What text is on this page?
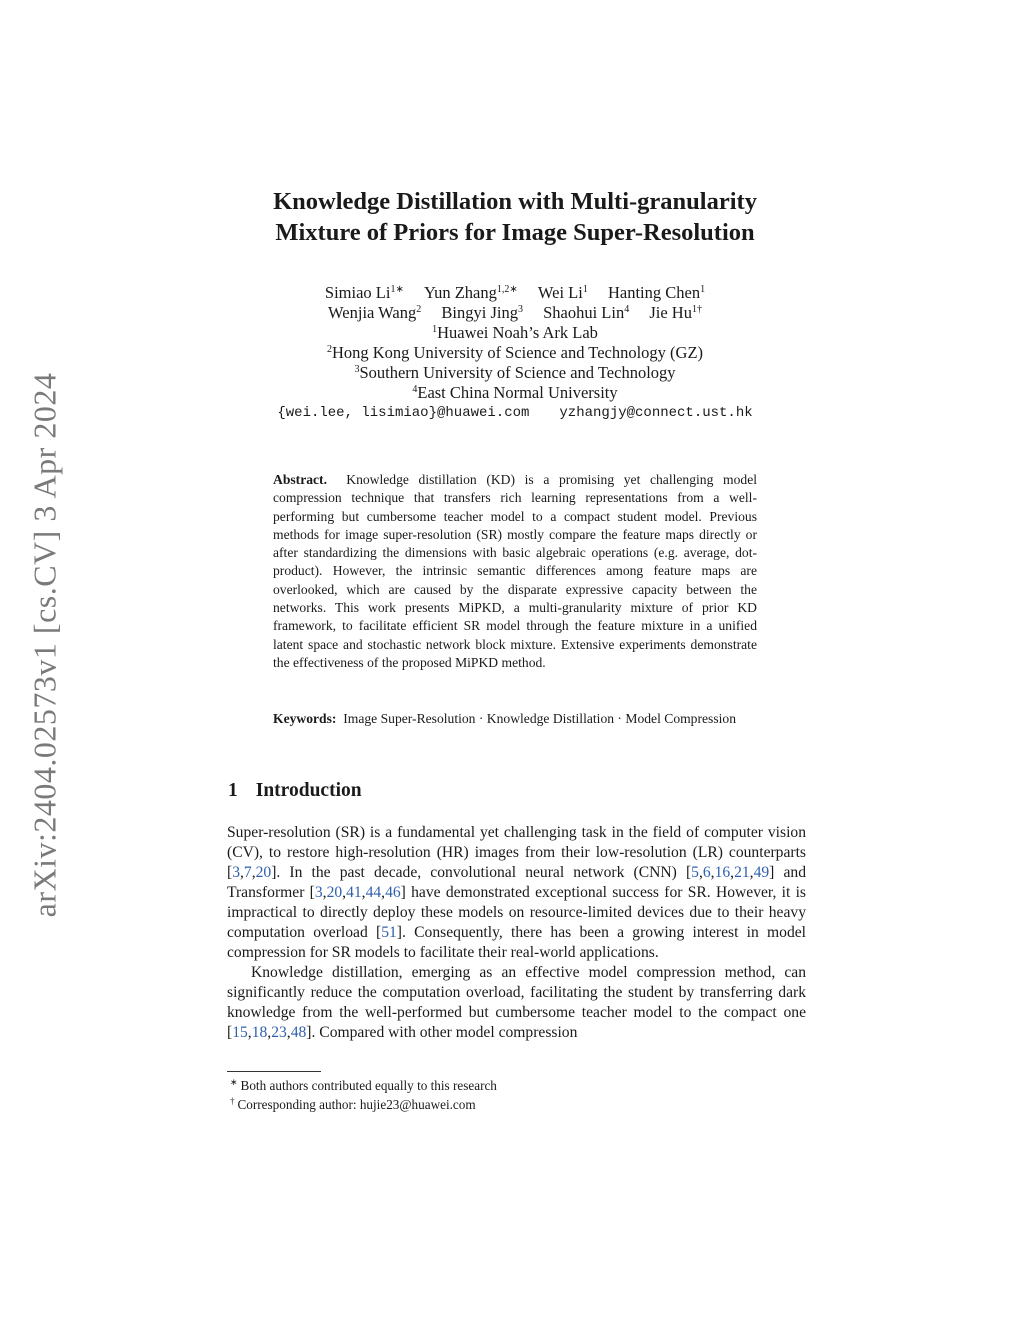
arXiv:2404.02573v1 [cs.CV] 3 Apr 2024
Knowledge Distillation with Multi-granularity
Mixture of Priors for Image Super-Resolution
Simiao $Li^{1∗}$ Yun Zhang$^{1,2∗}$ Wei Li$^1$ Hanting Chen$^1$
Wenjia Wang$^2$ Bingyi Jing$^3$ Shaohui Lin$^4$ Jie $Hu^{1\dagger}$
$^1$Huawei Noah’s Ark Lab
$^2$Hong Kong University of Science and Technology (GZ)
$^3$Southern University of Science and Technology
$^4$East China Normal University
{wei.lee, lisimiao}@huawei.com yzhangjy@connect.ust.hk
Abstract. Knowledge distillation (KD) is a promising yet challenging model compression technique that transfers rich learning representations from a well-performing but cumbersome teacher model to a compact student model. Previous methods for image super-resolution (SR) mostly compare the feature maps directly or after standardizing the dimensions with basic algebraic operations (e.g. average, dot-product). However, the intrinsic semantic differences among feature maps are overlooked, which are caused by the disparate expressive capacity between the networks. This work presents MiPKD, a multi-granularity mixture of prior KD framework, to facilitate efficient SR model through the feature mixture in a unified latent space and stochastic network block mixture. Extensive experiments demonstrate the effectiveness of the proposed MiPKD method.
Keywords: Image Super-Resolution · Knowledge Distillation · Model Compression
1 Introduction

Super-resolution (SR) is a fundamental yet challenging task in the field of computer vision (CV), to restore high-resolution (HR) images from their low-resolution (LR) counterparts [3,7,20]. In the past decade, convolutional neural network (CNN) [5,6,16,21,49] and Transformer [3,20,41,44,46] have demonstrated exceptional success for SR. However, it is impractical to directly deploy these models on resource-limited devices due to their heavy computation overload [51]. Consequently, there has been a growing interest in model compression for SR models to facilitate their real-world applications.

Knowledge distillation, emerging as an effective model compression method, can significantly reduce the computation overload, facilitating the student by transferring dark knowledge from the well-performed but cumbersome teacher model to the compact one [15,18,23,48]. Compared with other model compression

∗ Both authors contributed equally to this research
† Corresponding author: hujie23@huawei.com
